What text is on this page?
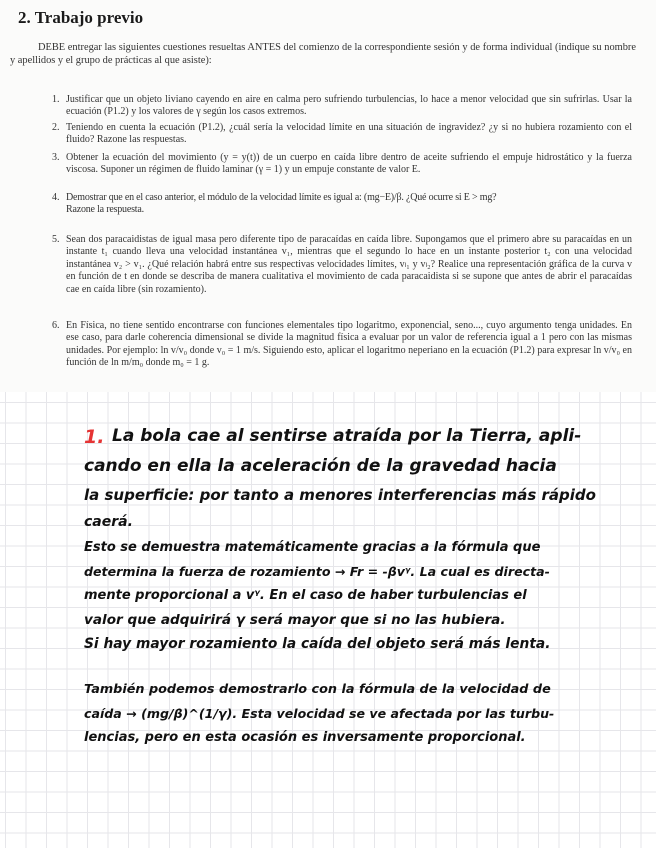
2. Trabajo previo

DEBE entregar las siguientes cuestiones resueltas ANTES del comienzo de la correspondiente sesión y de forma individual (indique su nombre y apellidos y el grupo de prácticas al que asiste):

1. Justificar que un objeto liviano cayendo en aire en calma pero sufriendo turbulencias, lo hace a menor velocidad que sin sufrirlas. Usar la ecuación (P1.2) y los valores de γ según los casos extremos.
2. Teniendo en cuenta la ecuación (P1.2), ¿cuál sería la velocidad límite en una situación de ingravidez? ¿y si no hubiera rozamiento con el fluido? Razone las respuestas.
3. Obtener la ecuación del movimiento (y = y(t)) de un cuerpo en caída libre dentro de aceite sufriendo el empuje hidrostático y la fuerza viscosa. Suponer un régimen de fluido laminar (γ = 1) y un empuje constante de valor E.
4. Demostrar que en el caso anterior, el módulo de la velocidad límite es igual a: (mg−E)/β. ¿Qué ocurre si E > mg?
Razone la respuesta.
5. Sean dos paracaidistas de igual masa pero diferente tipo de paracaídas en caída libre. Supongamos que el primero abre su paracaídas en un instante t₁ cuando lleva una velocidad instantánea v₁, mientras que el segundo lo hace en un instante posterior t₂ con una velocidad instantánea v₂ > v₁. ¿Qué relación habrá entre sus respectivas velocidades límites, vₗ₁ y vₗ₂? Realice una representación gráfica de la curva v en función de t en donde se describa de manera cualitativa el movimiento de cada paracaidista si se supone que antes de abrir el paracaídas cae en caída libre (sin rozamiento).
6. En Física, no tiene sentido encontrarse con funciones elementales tipo logaritmo, exponencial, seno..., cuyo argumento tenga unidades. En ese caso, para darle coherencia dimensional se divide la magnitud física a evaluar por un valor de referencia igual a 1 pero con las mismas unidades. Por ejemplo: ln v/v₀ donde v₀ = 1 m/s. Siguiendo esto, aplicar el logaritmo neperiano en la ecuación (P1.2) para expresar ln v/v₀ en función de ln m/m₀ donde m₀ = 1 g.
1. La bola cae al sentirse atraída por la Tierra, apli-
cando en ella la aceleración de la gravedad hacia
la superficie: por tanto a menores interferencias más rápido
caerá.
Esto se demuestra matemáticamente gracias a la fórmula que
determina la fuerza de rozamiento → Fr = -βvᵞ. La cual es directa-
mente proporcional a vᵞ. En el caso de haber turbulencias el
valor que adquirirá γ será mayor que si no las hubiera.
Si hay mayor rozamiento la caída del objeto será más lenta.
También podemos demostrarlo con la fórmula de la velocidad de
caída → (mg/β)^(1/γ). Esta velocidad se ve afectada por las turbu-
lencias, pero en esta ocasión es inversamente proporcional.
